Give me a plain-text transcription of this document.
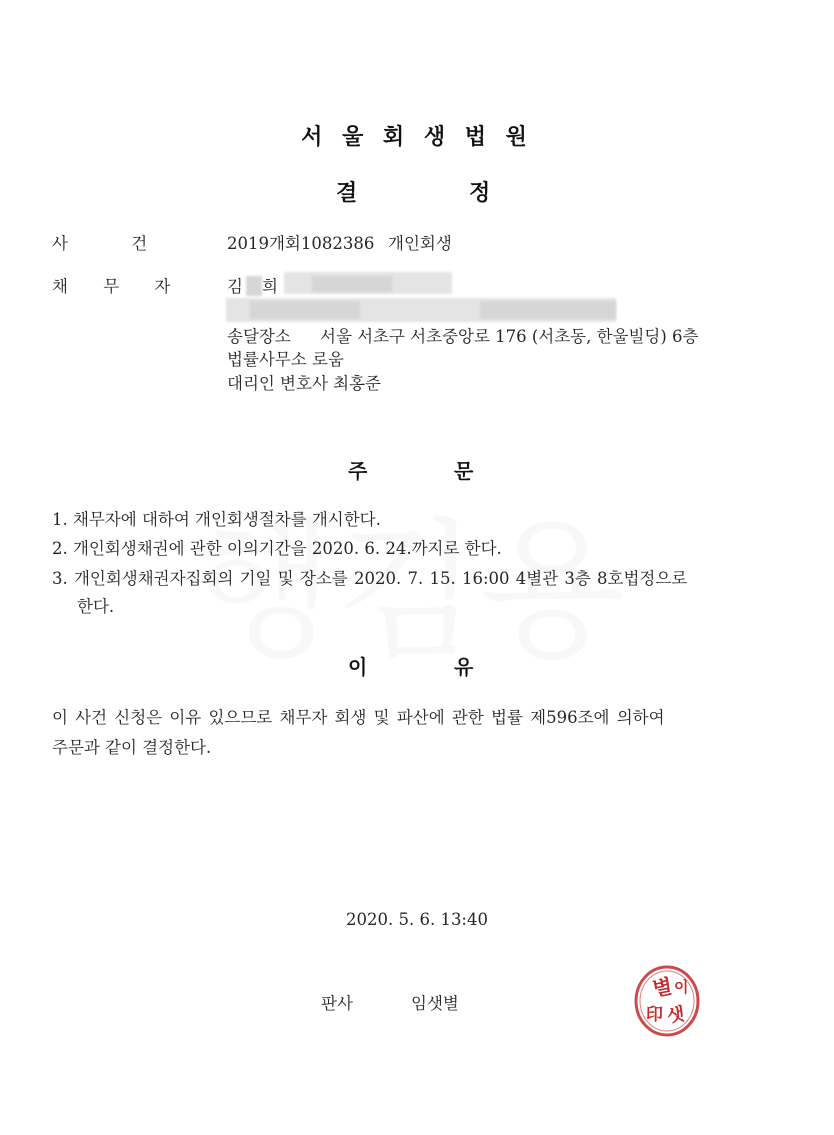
서 울 회 생 법 원
결	정
사	건	2019개회1082386 개인회생
채 무 자	김 희
송달장소 서울 서초구 서초중앙로 176 (서초동, 한울빌딩) 6층
법률사무소 로움
대리인 변호사 최홍준
주	문
1. 채무자에 대하여 개인회생절차를 개시한다.
2. 개인회생채권에 관한 이의기간을 2020. 6. 24.까지로 한다.
3. 개인회생채권자집회의 기일 및 장소를 2020. 7. 15. 16:00 4별관 3층 8호법정으로
한다.
이	유
이 사건 신청은 이유 있으므로 채무자 회생 및 파산에 관한 법률 제596조에 의하여
주문과 같이 결정한다.
2020. 5. 6. 13:40
판사	임샛별
별 이
印 샛
